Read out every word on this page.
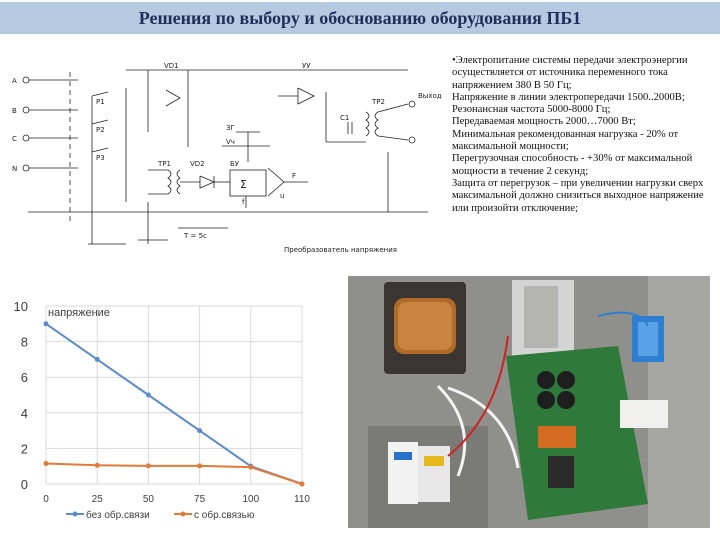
Решения по выбору и обоснованию оборудования ПБ1
A
B
C
N
VD1	УУ
ТР2
Выход
С1
Р1
Р2
Р3
ЗГ
Vч
ТР1	VD2	БУ
Σ
F
f
u
T = 5с
Преобразователь напряжения

•Электропитание системы передачи электроэнергии осуществляется от источника переменного тока напряжением 380 В 50 Гц;

Напряжение в линии электропередачи 1500..2000В;

Резонансная частота 5000-8000 Гц;

Передаваемая мощность 2000…7000 Вт;

Минимальная рекомендованная нагрузка - 20% от максимальной мощности;

Перегрузочная способность - +30% от максимальной мощности в течение 2 секунд;

Защита от перегрузок – при увеличении нагрузки сверх максимальной должно снизиться выходное напряжение или произойти отключение;

0
2
4
6
8
10
0	25	50	75	100	110
напряжение
без обр.связи	с обр.связью
